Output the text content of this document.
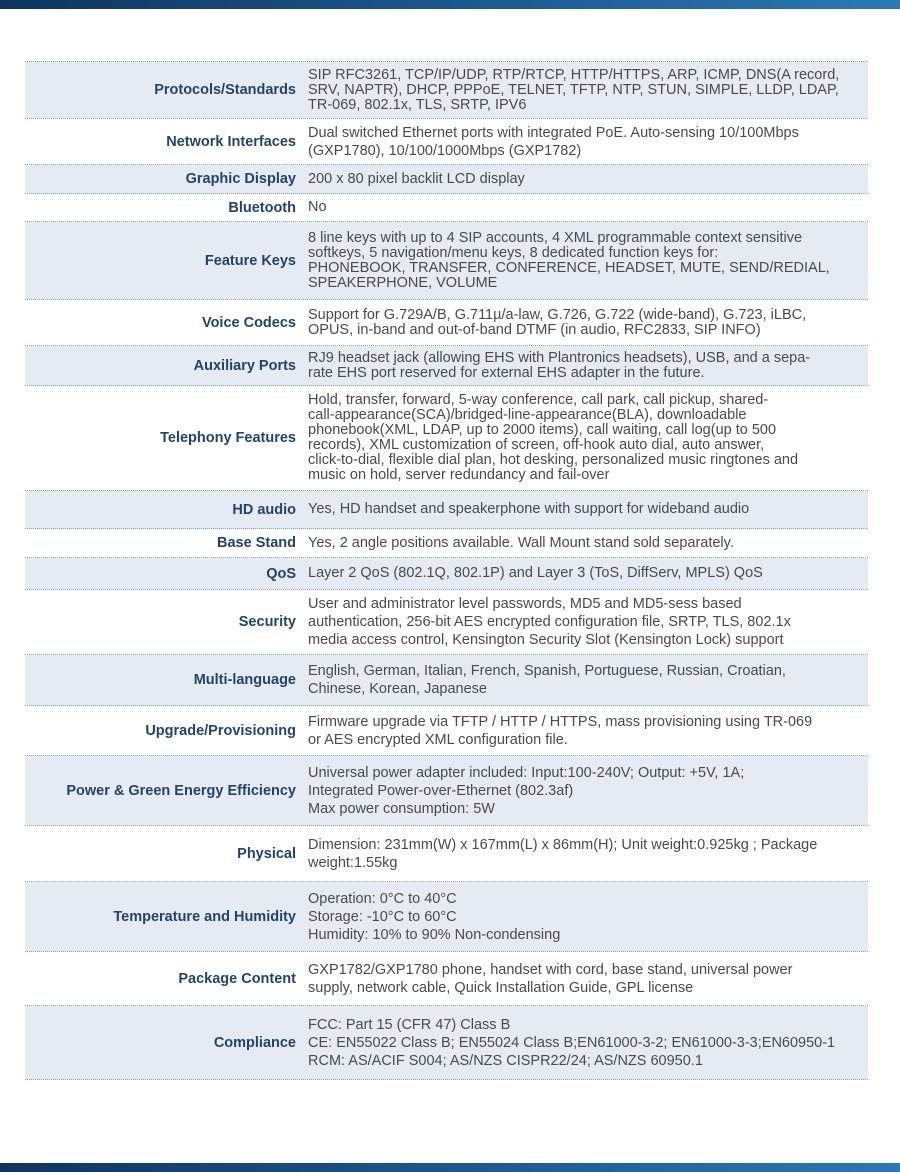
Protocols/Standards
SIP RFC3261, TCP/IP/UDP, RTP/RTCP, HTTP/HTTPS, ARP, ICMP, DNS(A record,
SRV, NAPTR), DHCP, PPPoE, TELNET, TFTP, NTP, STUN, SIMPLE, LLDP, LDAP,
TR-069, 802.1x, TLS, SRTP, IPV6
Network Interfaces
Dual switched Ethernet ports with integrated PoE. Auto-sensing 10/100Mbps
(GXP1780), 10/100/1000Mbps (GXP1782)
Graphic Display 200 x 80 pixel backlit LCD display
Bluetooth No
Feature Keys
8 line keys with up to 4 SIP accounts, 4 XML programmable context sensitive
softkeys, 5 navigation/menu keys, 8 dedicated function keys for:
PHONEBOOK, TRANSFER, CONFERENCE, HEADSET, MUTE, SEND/REDIAL,
SPEAKERPHONE, VOLUME
Voice Codecs Support for G.729A/B, G.711µ/a-law, G.726, G.722 (wide-band), G.723, iLBC,
OPUS, in-band and out-of-band DTMF (in audio, RFC2833, SIP INFO)
Auxiliary Ports RJ9 headset jack (allowing EHS with Plantronics headsets), USB, and a sepa-
rate EHS port reserved for external EHS adapter in the future.
Telephony Features
Hold, transfer, forward, 5-way conference, call park, call pickup, shared-
call-appearance(SCA)/bridged-line-appearance(BLA), downloadable
phonebook(XML, LDAP, up to 2000 items), call waiting, call log(up to 500
records), XML customization of screen, off-hook auto dial, auto answer,
click-to-dial, flexible dial plan, hot desking, personalized music ringtones and
music on hold, server redundancy and fail-over
HD audio Yes, HD handset and speakerphone with support for wideband audio
Base Stand Yes, 2 angle positions available. Wall Mount stand sold separately.
QoS Layer 2 QoS (802.1Q, 802.1P) and Layer 3 (ToS, DiffServ, MPLS) QoS
Security
User and administrator level passwords, MD5 and MD5-sess based
authentication, 256-bit AES encrypted configuration file, SRTP, TLS, 802.1x
media access control, Kensington Security Slot (Kensington Lock) support
Multi-language
English, German, Italian, French, Spanish, Portuguese, Russian, Croatian,
Chinese, Korean, Japanese
Upgrade/Provisioning
Firmware upgrade via TFTP / HTTP / HTTPS, mass provisioning using TR-069
or AES encrypted XML configuration file.
Power & Green Energy Efficiency
Universal power adapter included: Input:100-240V; Output: +5V, 1A;
Integrated Power-over-Ethernet (802.3af)
Max power consumption: 5W
Physical
Dimension: 231mm(W) x 167mm(L) x 86mm(H); Unit weight:0.925kg ; Package
weight:1.55kg
Temperature and Humidity
Operation: 0°C to 40°C
Storage: -10°C to 60°C
Humidity: 10% to 90% Non-condensing
Package Content
GXP1782/GXP1780 phone, handset with cord, base stand, universal power
supply, network cable, Quick Installation Guide, GPL license
Compliance
FCC: Part 15 (CFR 47) Class B
CE: EN55022 Class B; EN55024 Class B;EN61000-3-2; EN61000-3-3;EN60950-1
RCM: AS/ACIF S004; AS/NZS CISPR22/24; AS/NZS 60950.1
